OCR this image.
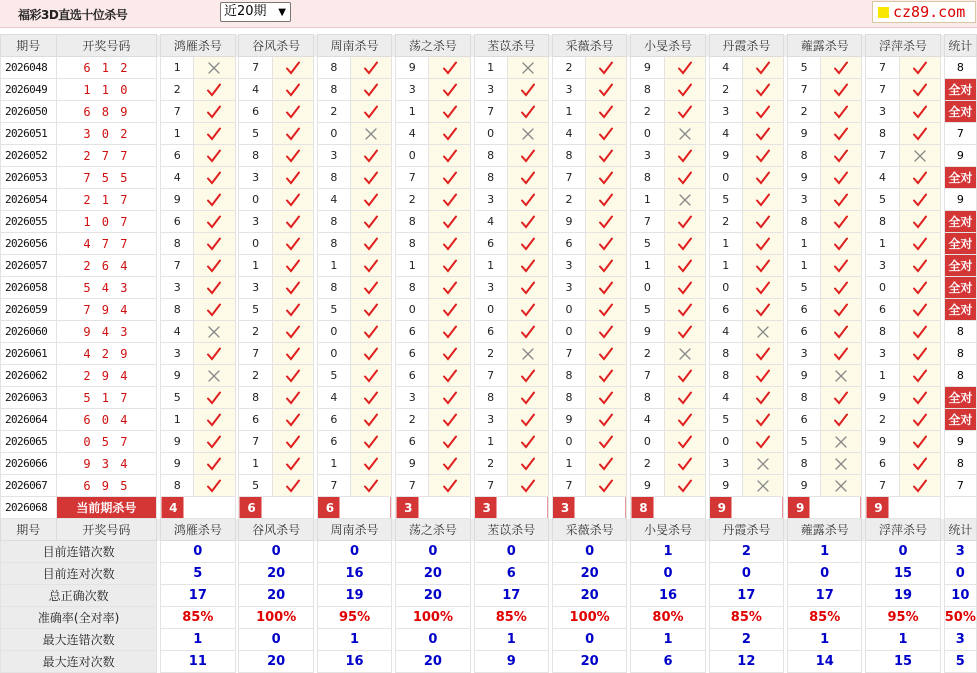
福彩3D直选十位杀号	近20期 ▼	cz89.com
期号	开奖号码		鸿雁杀号			谷风杀号			周南杀号			荡之杀号			苤苡杀号			采薇杀号			小旻杀号			丹霞杀号			蕹露杀号			浮萍杀号			统计
2026048	6 1 2		1			7			8			9			1			2			9			4			5			7			8
2026049	1 1 0		2			4			8			3			3			3			8			2			7			7			全对
2026050	6 8 9		7			6			2			1			7			1			2			3			2			3			全对
2026051	3 0 2		1			5			0			4			0			4			0			4			9			8			7
2026052	2 7 7		6			8			3			0			8			8			3			9			8			7			9
2026053	7 5 5		4			3			8			7			8			7			8			0			9			4			全对
2026054	2 1 7		9			0			4			2			3			2			1			5			3			5			9
2026055	1 0 7		6			3			8			8			4			9			7			2			8			8			全对
2026056	4 7 7		8			0			8			8			6			6			5			1			1			1			全对
2026057	2 6 4		7			1			1			1			1			3			1			1			1			3			全对
2026058	5 4 3		3			3			8			8			3			3			0			0			5			0			全对
2026059	7 9 4		8			5			5			0			0			0			5			6			6			6			全对
2026060	9 4 3		4			2			0			6			6			0			9			4			6			8			8
2026061	4 2 9		3			7			0			6			2			7			2			8			3			3			8
2026062	2 9 4		9			2			5			6			7			8			7			8			9			1			8
2026063	5 1 7		5			8			4			3			8			8			8			4			8			9			全对
2026064	6 0 4		1			6			6			2			3			9			4			5			6			2			全对
2026065	0 5 7		9			7			6			6			1			0			0			0			5			9			9
2026066	9 3 4		9			1			1			9			2			1			2			3			8			6			8
2026067	6 9 5		8			5			7			7			7			7			9			9			9			7			7
2026068	当前期杀号		4			6			6			3			3			3			8			9			9			9			
期号	开奖号码		鸿雁杀号			谷风杀号			周南杀号			荡之杀号			苤苡杀号			采薇杀号			小旻杀号			丹霞杀号			蕹露杀号			浮萍杀号			统计
目前连错次数			0			0			0			0			0			0			1			2			1			0			3
目前连对次数			5			20			16			20			6			20			0			0			0			15			0
总正确次数			17			20			19			20			17			20			16			17			17			19			10
准确率(全对率)			85%			100%			95%			100%			85%			100%			80%			85%			85%			95%			50%
最大连错次数			1			0			1			0			1			0			1			2			1			1			3
最大连对次数			11			20			16			20			9			20			6			12			14			15			5
